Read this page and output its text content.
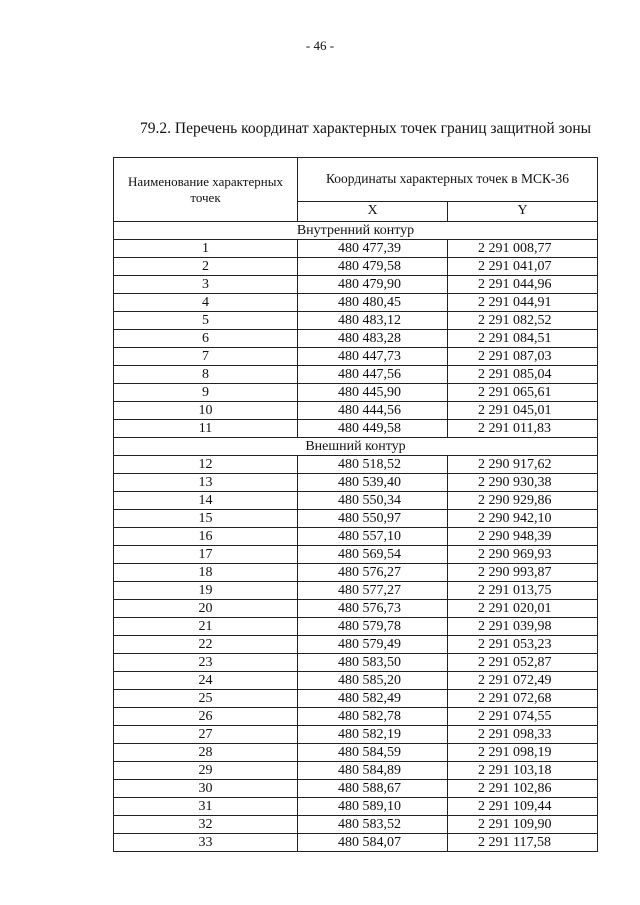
- 46 -
79.2. Перечень координат характерных точек границ защитной зоны
Наименование характерных точек	Координаты характерных точек в МСК-36	
	X	Y
Внутренний контур		
1	480 477,39	2 291 008,77
2	480 479,58	2 291 041,07
3	480 479,90	2 291 044,96
4	480 480,45	2 291 044,91
5	480 483,12	2 291 082,52
6	480 483,28	2 291 084,51
7	480 447,73	2 291 087,03
8	480 447,56	2 291 085,04
9	480 445,90	2 291 065,61
10	480 444,56	2 291 045,01
11	480 449,58	2 291 011,83
Внешний контур		
12	480 518,52	2 290 917,62
13	480 539,40	2 290 930,38
14	480 550,34	2 290 929,86
15	480 550,97	2 290 942,10
16	480 557,10	2 290 948,39
17	480 569,54	2 290 969,93
18	480 576,27	2 290 993,87
19	480 577,27	2 291 013,75
20	480 576,73	2 291 020,01
21	480 579,78	2 291 039,98
22	480 579,49	2 291 053,23
23	480 583,50	2 291 052,87
24	480 585,20	2 291 072,49
25	480 582,49	2 291 072,68
26	480 582,78	2 291 074,55
27	480 582,19	2 291 098,33
28	480 584,59	2 291 098,19
29	480 584,89	2 291 103,18
30	480 588,67	2 291 102,86
31	480 589,10	2 291 109,44
32	480 583,52	2 291 109,90
33	480 584,07	2 291 117,58
